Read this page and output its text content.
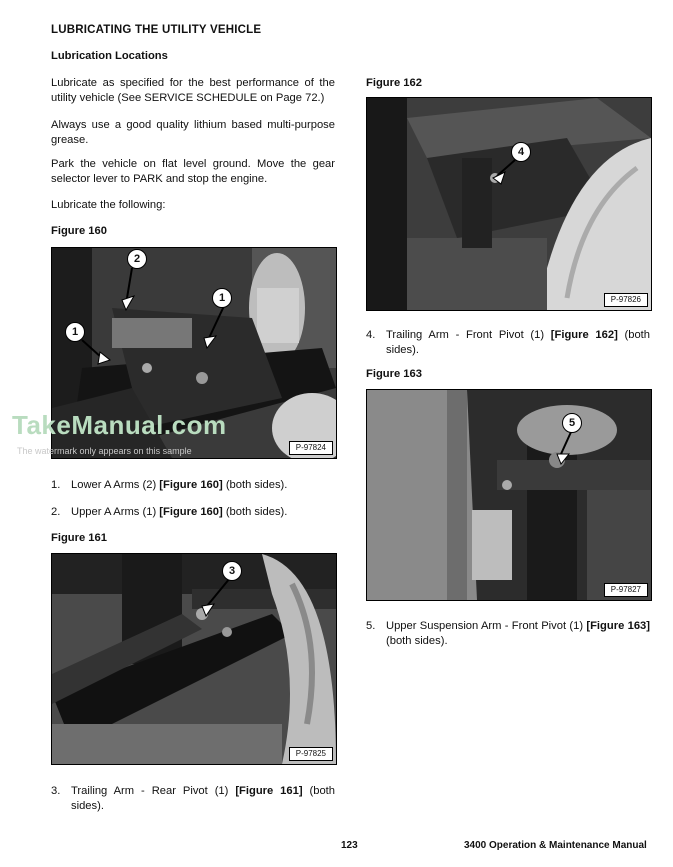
LUBRICATING THE UTILITY VEHICLE
Lubrication Locations
Lubricate as specified for the best performance of the
utility vehicle (See SERVICE SCHEDULE on Page 72.)
Always use a good quality lithium based multi-purpose
grease.
Park the vehicle on flat level ground. Move the gear
selector lever to PARK and stop the engine.
Lubricate the following:
Figure 160
2
1
1
P-97824
TakeManual.com
The watermark only appears on this sample
1. Lower A Arms (2) [Figure 160] (both sides).
2. Upper A Arms (1) [Figure 160] (both sides).
Figure 161
3
P-97825
3. Trailing Arm - Rear Pivot (1) [Figure 161] (both
sides).
Figure 162
4
P-97826
4. Trailing Arm - Front Pivot (1) [Figure 162] (both
sides).
Figure 163
5
P-97827
5. Upper Suspension Arm - Front Pivot (1) [Figure 163]
(both sides).
123	3400 Operation & Maintenance Manual
